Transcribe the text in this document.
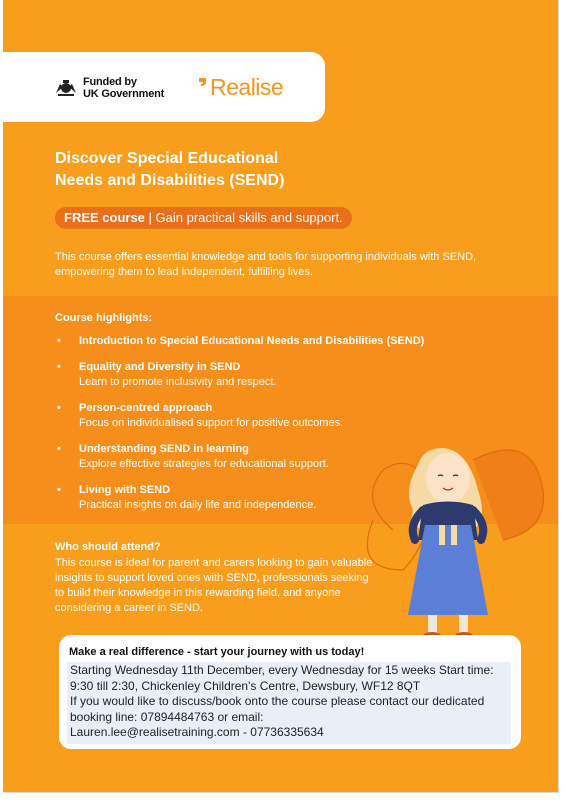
Funded by
UK Government Realise
Discover Special Educational
Needs and Disabilities (SEND)
FREE course | Gain practical skills and support.
This course offers essential knowledge and tools for supporting individuals with SEND, empowering them to lead independent, fulfilling lives.
Course highlights:
• Introduction to Special Educational Needs and Disabilities (SEND)
• Equality and Diversity in SEND
Learn to promote inclusivity and respect.
• Person-centred approach
Focus on individualised support for positive outcomes.
• Understanding SEND in learning
Explore effective strategies for educational support.
• Living with SEND
Practical insights on daily life and independence.
Who should attend?
This course is ideal for parent and carers looking to gain valuable insights to support loved ones with SEND, professionals seeking to build their knowledge in this rewarding field, and anyone considering a career in SEND.
Make a real difference - start your journey with us today!
Starting Wednesday 11th December, every Wednesday for 15 weeks Start time: 9:30 till 2:30, Chickenley Children's Centre, Dewsbury, WF12 8QT
If you would like to discuss/book onto the course please contact our dedicated booking line: 07894484763 or email:
Lauren.lee@realisetraining.com - 07736335634
